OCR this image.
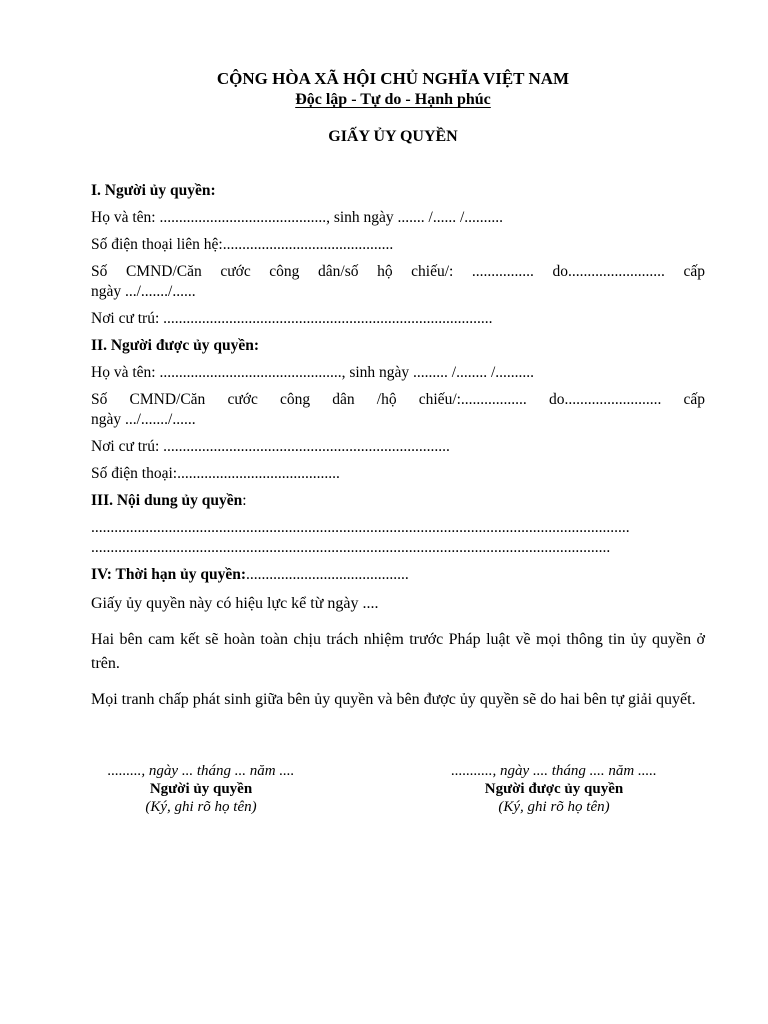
CỘNG HÒA XÃ HỘI CHỦ NGHĨA VIỆT NAM

Độc lập - Tự do - Hạnh phúc

GIẤY ỦY QUYỀN

I. Người ủy quyền:

Họ và tên: ..........................................., sinh ngày ....... /...... /..........

Số điện thoại liên hệ:............................................

Số CMND/Căn cước công dân/số hộ chiếu/: ................ do......................... cấp

ngày .../......./......

Nơi cư trú: .....................................................................................

II. Người được ủy quyền:

Họ và tên: ..............................................., sinh ngày ......... /........ /..........

Số CMND/Căn cước công dân /hộ chiếu/:................. do......................... cấp

ngày .../......./......

Nơi cư trú: ..........................................................................

Số điện thoại:..........................................

III. Nội dung ủy quyền:

...........................................................................................................................................

......................................................................................................................................

IV: Thời hạn ủy quyền:..........................................

Giấy ủy quyền này có hiệu lực kể từ ngày ....

Hai bên cam kết sẽ hoàn toàn chịu trách nhiệm trước Pháp luật về mọi thông tin ủy quyền ở trên.

Mọi tranh chấp phát sinh giữa bên ủy quyền và bên được ủy quyền sẽ do hai bên tự giải quyết.

........., ngày ... tháng ... năm ....
Người ủy quyền
(Ký, ghi rõ họ tên)
..........., ngày .... tháng .... năm .....
Người được ủy quyền
(Ký, ghi rõ họ tên)
